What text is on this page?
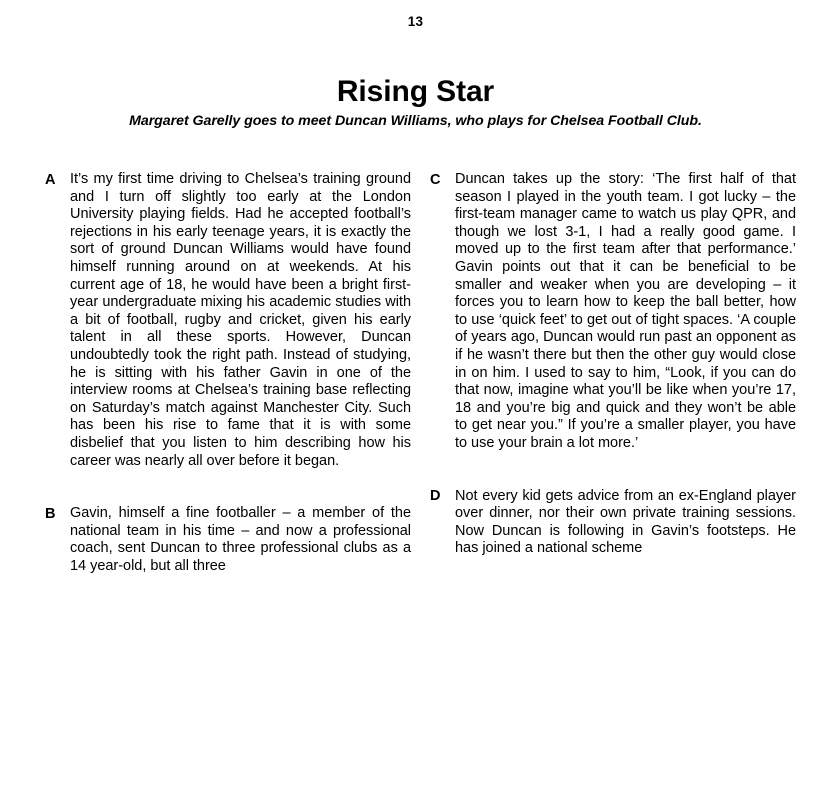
13
Rising Star
Margaret Garelly goes to meet Duncan Williams, who plays for Chelsea Football Club.
A	It’s my first time driving to Chelsea’s training ground and I turn off slightly too early at the London University playing fields. Had he accepted football’s rejections in his early teenage years, it is exactly the sort of ground Duncan Williams would have found himself running around on at weekends. At his current age of 18, he would have been a bright first-year undergraduate mixing his academic studies with a bit of football, rugby and cricket, given his early talent in all these sports. However, Duncan undoubtedly took the right path. Instead of studying, he is sitting with his father Gavin in one of the interview rooms at Chelsea’s training base reflecting on Saturday’s match against Manchester City. Such has been his rise to fame that it is with some disbelief that you listen to him describing how his career was nearly all over before it began.
B	Gavin, himself a fine footballer – a member of the national team in his time – and now a professional coach, sent Duncan to three professional clubs as a 14 year-old, but all three
C	Duncan takes up the story: ‘The first half of that season I played in the youth team. I got lucky – the first-team manager came to watch us play QPR, and though we lost 3-1, I had a really good game. I moved up to the first team after that performance.’ Gavin points out that it can be beneficial to be smaller and weaker when you are developing – it forces you to learn how to keep the ball better, how to use ‘quick feet’ to get out of tight spaces. ‘A couple of years ago, Duncan would run past an opponent as if he wasn’t there but then the other guy would close in on him. I used to say to him, “Look, if you can do that now, imagine what you’ll be like when you’re 17, 18 and you’re big and quick and they won’t be able to get near you.” If you’re a smaller player, you have to use your brain a lot more.’
D	Not every kid gets advice from an ex-England player over dinner, nor their own private training sessions. Now Duncan is following in Gavin’s footsteps. He has joined a national scheme
